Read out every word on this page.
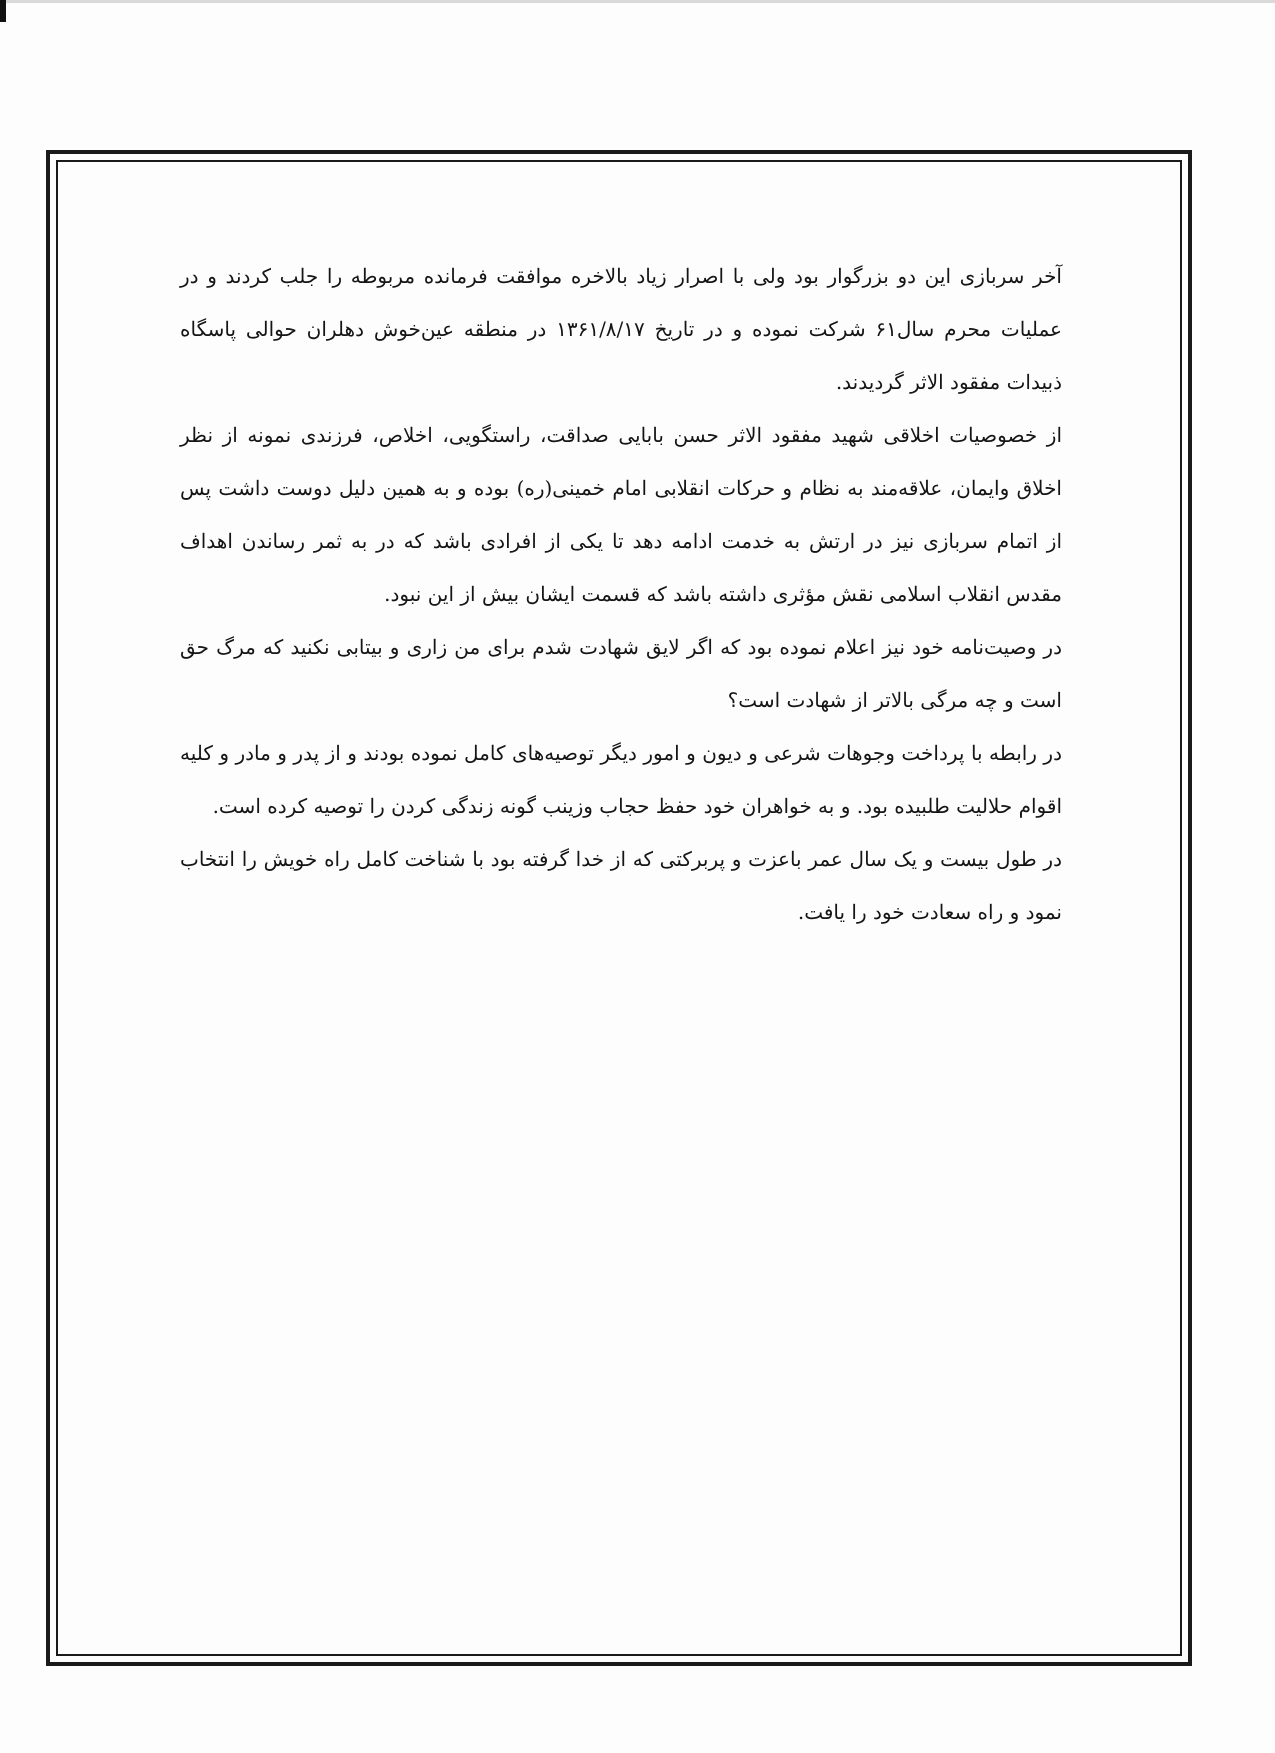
آخر سربازی این دو بزرگوار بود ولی با اصرار زیاد بالاخره موافقت فرمانده مربوطه را جلب کردند و در عملیات محرم سال۶۱ شرکت نموده و در تاریخ ۱۳۶۱/۸/۱۷ در منطقه عین‌خوش دهلران حوالی پاسگاه ذبیدات مفقود الاثر گردیدند.

از خصوصیات اخلاقی شهید مفقود الاثر حسن بابایی صداقت، راستگویی، اخلاص، فرزندی نمونه از نظر اخلاق وایمان، علاقه‌مند به نظام و حرکات انقلابی امام خمینی(ره) بوده و به همین دلیل دوست داشت پس از اتمام سربازی نیز در ارتش به خدمت ادامه دهد تا یکی از افرادی باشد که در به ثمر رساندن اهداف مقدس انقلاب اسلامی نقش مؤثری داشته باشد که قسمت ایشان بیش از این نبود.

در وصیت‌نامه خود نیز اعلام نموده بود که اگر لایق شهادت شدم برای من زاری و بیتابی نکنید که مرگ حق است و چه مرگی بالاتر از شهادت است؟

در رابطه با پرداخت وجوهات شرعی و دیون و امور دیگر توصیه‌های کامل نموده بودند و از پدر و مادر و کلیه اقوام حلالیت طلبیده بود. و به خواهران خود حفظ حجاب وزینب گونه زندگی کردن را توصیه کرده است.

در طول بیست و یک سال عمر باعزت و پربرکتی که از خدا گرفته بود با شناخت کامل راه خویش را انتخاب نمود و راه سعادت خود را یافت.
